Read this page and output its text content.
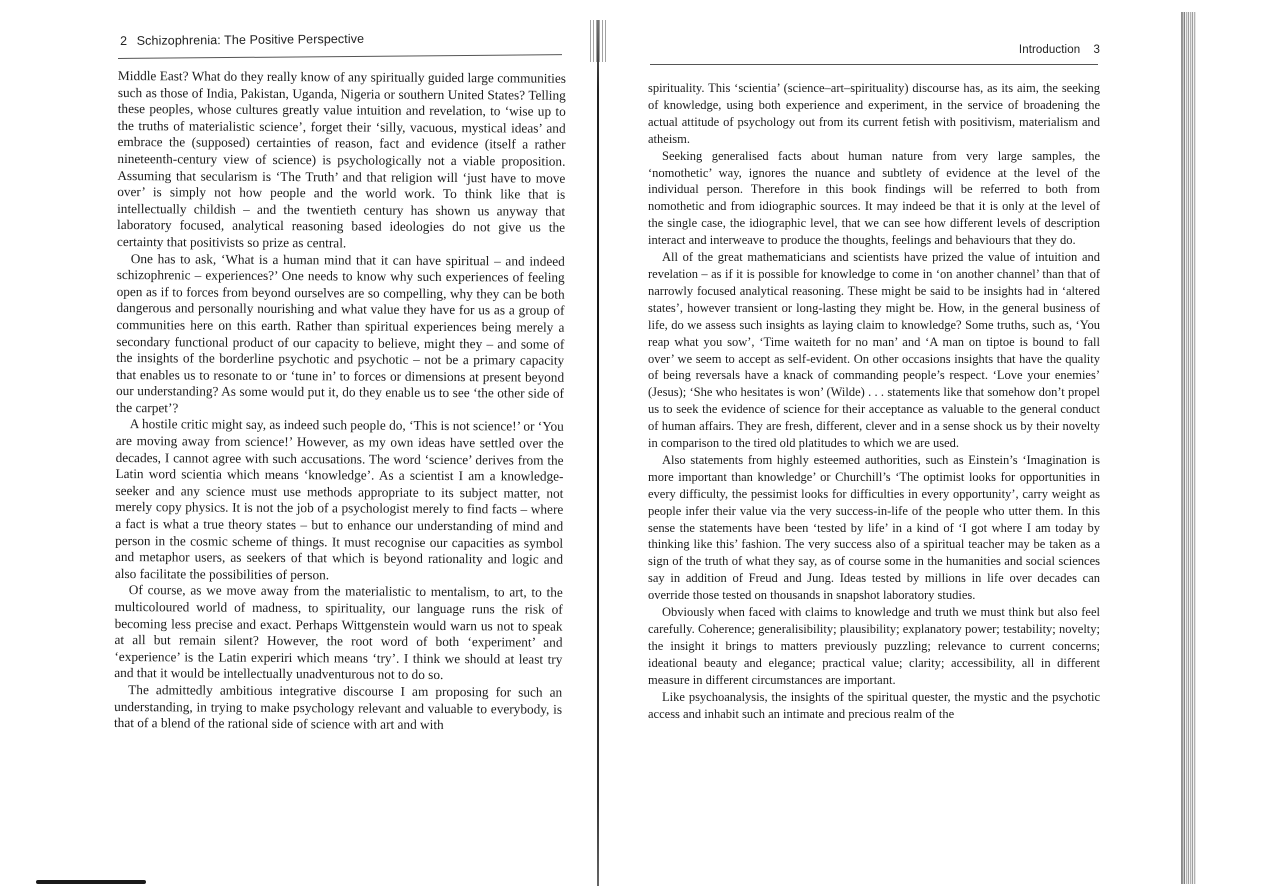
2 Schizophrenia: The Positive Perspective

Middle East? What do they really know of any spiritually guided large communities such as those of India, Pakistan, Uganda, Nigeria or southern United States? Telling these peoples, whose cultures greatly value intuition and revelation, to ‘wise up to the truths of materialistic science’, forget their ‘silly, vacuous, mystical ideas’ and embrace the (supposed) certainties of reason, fact and evidence (itself a rather nineteenth-century view of science) is psychologically not a viable proposition. Assuming that secularism is ‘The Truth’ and that religion will ‘just have to move over’ is simply not how people and the world work. To think like that is intellectually childish – and the twentieth century has shown us anyway that laboratory focused, analytical reasoning based ideologies do not give us the certainty that positivists so prize as central.

One has to ask, ‘What is a human mind that it can have spiritual – and indeed schizophrenic – experiences?’ One needs to know why such experiences of feeling open as if to forces from beyond ourselves are so compelling, why they can be both dangerous and personally nourishing and what value they have for us as a group of communities here on this earth. Rather than spiritual experiences being merely a secondary functional product of our capacity to believe, might they – and some of the insights of the borderline psychotic and psychotic – not be a primary capacity that enables us to resonate to or ‘tune in’ to forces or dimensions at present beyond our understanding? As some would put it, do they enable us to see ‘the other side of the carpet’?

A hostile critic might say, as indeed such people do, ‘This is not science!’ or ‘You are moving away from science!’ However, as my own ideas have settled over the decades, I cannot agree with such accusations. The word ‘science’ derives from the Latin word scientia which means ‘knowledge’. As a scientist I am a knowledge-seeker and any science must use methods appropriate to its subject matter, not merely copy physics. It is not the job of a psychologist merely to find facts – where a fact is what a true theory states – but to enhance our understanding of mind and person in the cosmic scheme of things. It must recognise our capacities as symbol and metaphor users, as seekers of that which is beyond rationality and logic and also facilitate the possibilities of person.

Of course, as we move away from the materialistic to mentalism, to art, to the multicoloured world of madness, to spirituality, our language runs the risk of becoming less precise and exact. Perhaps Wittgenstein would warn us not to speak at all but remain silent? However, the root word of both ‘experiment’ and ‘experience’ is the Latin experiri which means ‘try’. I think we should at least try and that it would be intellectually unadventurous not to do so.

The admittedly ambitious integrative discourse I am proposing for such an understanding, in trying to make psychology relevant and valuable to everybody, is that of a blend of the rational side of science with art and with

Introduction 3

spirituality. This ‘scientia’ (science–art–spirituality) discourse has, as its aim, the seeking of knowledge, using both experience and experiment, in the service of broadening the actual attitude of psychology out from its current fetish with positivism, materialism and atheism.

Seeking generalised facts about human nature from very large samples, the ‘nomothetic’ way, ignores the nuance and subtlety of evidence at the level of the individual person. Therefore in this book findings will be referred to both from nomothetic and from idiographic sources. It may indeed be that it is only at the level of the single case, the idiographic level, that we can see how different levels of description interact and interweave to produce the thoughts, feelings and behaviours that they do.

All of the great mathematicians and scientists have prized the value of intuition and revelation – as if it is possible for knowledge to come in ‘on another channel’ than that of narrowly focused analytical reasoning. These might be said to be insights had in ‘altered states’, however transient or long-lasting they might be. How, in the general business of life, do we assess such insights as laying claim to knowledge? Some truths, such as, ‘You reap what you sow’, ‘Time waiteth for no man’ and ‘A man on tiptoe is bound to fall over’ we seem to accept as self-evident. On other occasions insights that have the quality of being reversals have a knack of commanding people’s respect. ‘Love your enemies’ (Jesus); ‘She who hesitates is won’ (Wilde) . . . statements like that somehow don’t propel us to seek the evidence of science for their acceptance as valuable to the general conduct of human affairs. They are fresh, different, clever and in a sense shock us by their novelty in comparison to the tired old platitudes to which we are used.

Also statements from highly esteemed authorities, such as Einstein’s ‘Imagination is more important than knowledge’ or Churchill’s ‘The optimist looks for opportunities in every difficulty, the pessimist looks for difficulties in every opportunity’, carry weight as people infer their value via the very success-in-life of the people who utter them. In this sense the statements have been ‘tested by life’ in a kind of ‘I got where I am today by thinking like this’ fashion. The very success also of a spiritual teacher may be taken as a sign of the truth of what they say, as of course some in the humanities and social sciences say in addition of Freud and Jung. Ideas tested by millions in life over decades can override those tested on thousands in snapshot laboratory studies.

Obviously when faced with claims to knowledge and truth we must think but also feel carefully. Coherence; generalisibility; plausibility; explanatory power; testability; novelty; the insight it brings to matters previously puzzling; relevance to current concerns; ideational beauty and elegance; practical value; clarity; accessibility, all in different measure in different circumstances are important.

Like psychoanalysis, the insights of the spiritual quester, the mystic and the psychotic access and inhabit such an intimate and precious realm of the
